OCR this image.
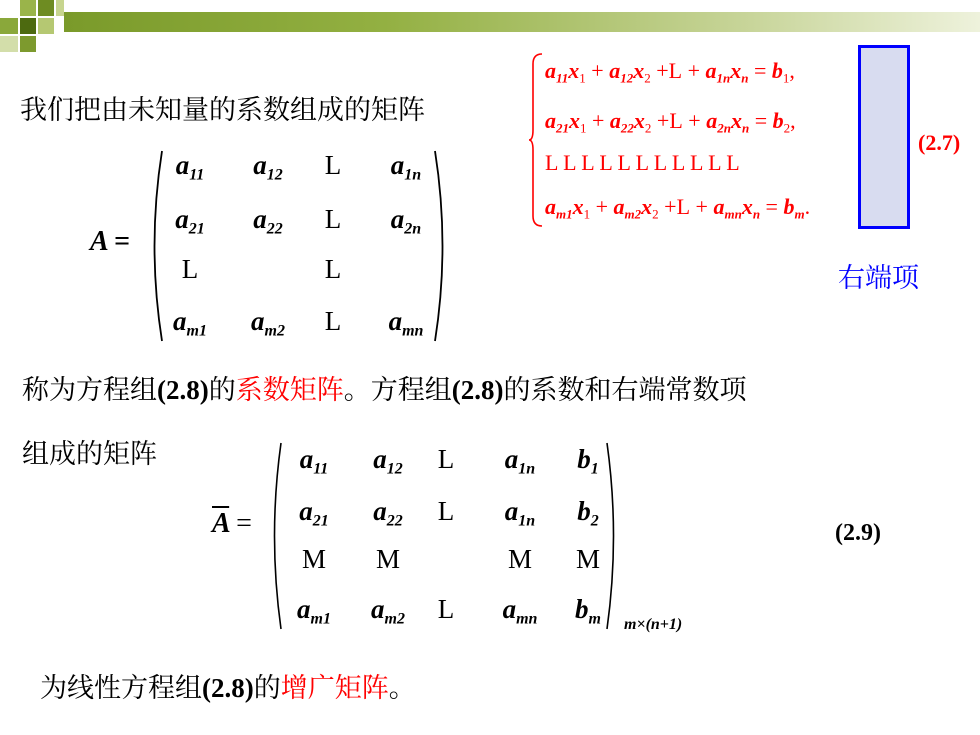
我们把由未知量的系数组成的矩阵
$a_{11}x_1 + a_{12}x_2 +L + a_{1n}x_n = b_1$,
$a_{21}x_1 + a_{22}x_2 +L + a_{2n}x_n = b_2$,
L L L L L L L L L L L
$a_{m1}x_1 + a_{m2}x_2 +L + a_{mn}x_n = b_m$.
(2.7)
右端项
A =
$a_{11}$ $a_{12}$ L $a_{1n}$
$a_{21}$ $a_{22}$ L $a_{2n}$
L	L
$a_{m1}$ $a_{m2}$ L $a_{mn}$
称为方程组(2.8)的系数矩阵。方程组(2.8)的系数和右端常数项
组成的矩阵
$\overline{A}$ =
$a_{11}$ $a_{12}$ L $a_{1n}$ $b_1$
$a_{21}$ $a_{22}$ L $a_{1n}$ $b_2$
M M	M M
$a_{m1}$ $a_{m2}$ L $a_{mn}$ $b_m$ m×(n+1)
(2.9)
为线性方程组(2.8)的增广矩阵。
